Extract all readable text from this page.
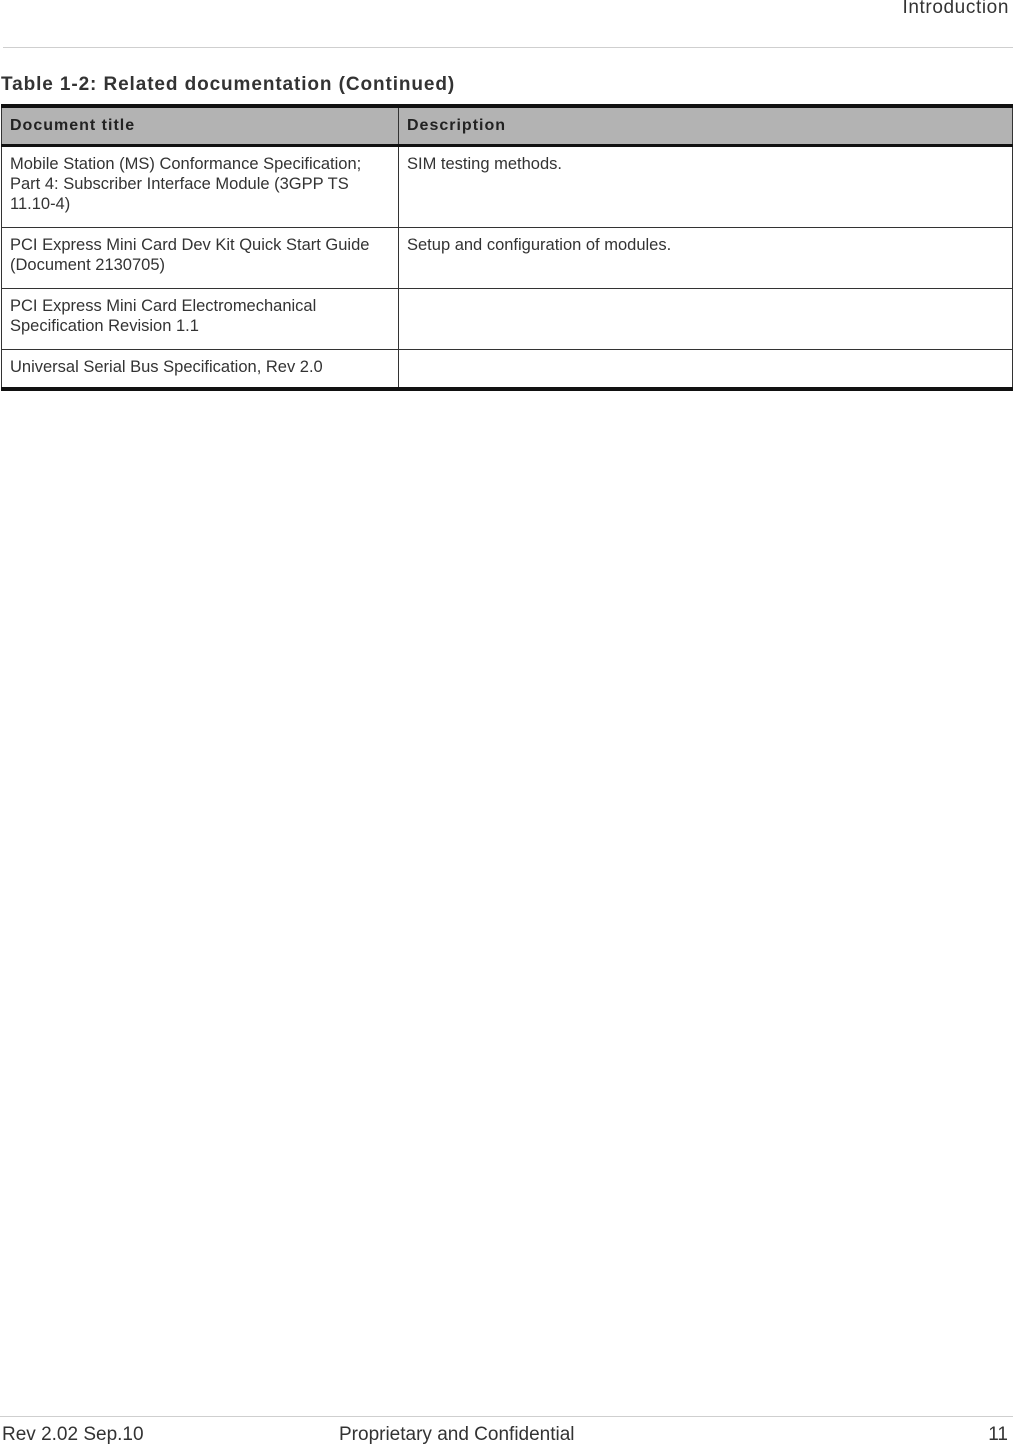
Introduction
Table 1-2: Related documentation (Continued)
Document title	Description
Mobile Station (MS) Conformance Specification; Part 4: Subscriber Interface Module (3GPP TS 11.10-4)	SIM testing methods.
PCI Express Mini Card Dev Kit Quick Start Guide (Document 2130705)	Setup and configuration of modules.
PCI Express Mini Card Electromechanical Specification Revision 1.1	
Universal Serial Bus Specification, Rev 2.0	
Rev 2.02 Sep.10	Proprietary and Confidential	11
